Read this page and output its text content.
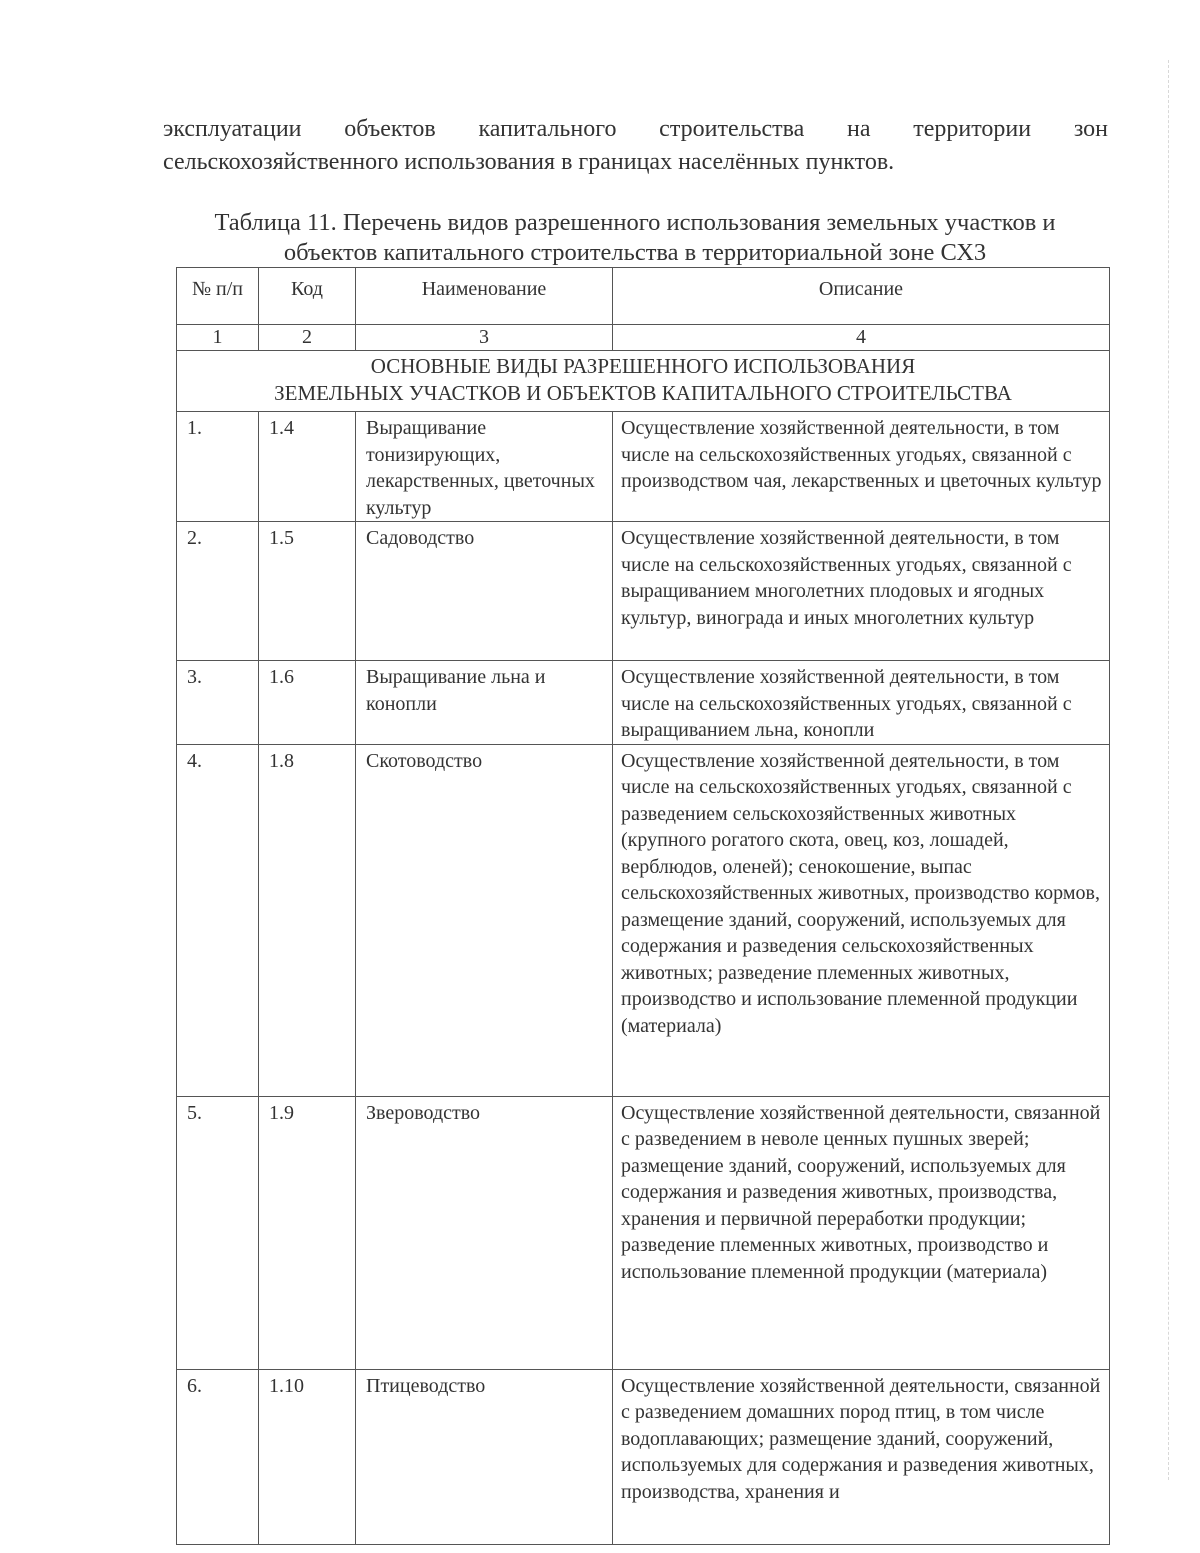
эксплуатации объектов капитального строительства на территории зон
сельскохозяйственного использования в границах населённых пунктов.
Таблица 11. Перечень видов разрешенного использования земельных участков и
объектов капитального строительства в территориальной зоне СХ3
№ п/п	Код	Наименование	Описание
1	2	3	4

ОСНОВНЫЕ ВИДЫ РАЗРЕШЕННОГО ИСПОЛЬЗОВАНИЯ
ЗЕМЕЛЬНЫХ УЧАСТКОВ И ОБЪЕКТОВ КАПИТАЛЬНОГО СТРОИТЕЛЬСТВА			

1.	1.4	Выращивание тонизирующих, лекарственных, цветочных культур	Осуществление хозяйственной деятельности, в том числе на сельскохозяйственных угодьях, связанной с производством чая, лекарственных и цветочных культур
2.	1.5	Садоводство	Осуществление хозяйственной деятельности, в том числе на сельскохозяйственных угодьях, связанной с выращиванием многолетних плодовых и ягодных культур, винограда и иных многолетних культур
3.	1.6	Выращивание льна и конопли	Осуществление хозяйственной деятельности, в том числе на сельскохозяйственных угодьях, связанной с выращиванием льна, конопли
4.	1.8	Скотоводство	Осуществление хозяйственной деятельности, в том числе на сельскохозяйственных угодьях, связанной с разведением сельскохозяйственных животных (крупного рогатого скота, овец, коз, лошадей, верблюдов, оленей); сенокошение, выпас сельскохозяйственных животных, производство кормов, размещение зданий, сооружений, используемых для содержания и разведения сельскохозяйственных животных; разведение племенных животных, производство и использование племенной продукции (материала)
5.	1.9	Звероводство	Осуществление хозяйственной деятельности, связанной с разведением в неволе ценных пушных зверей; размещение зданий, сооружений, используемых для содержания и разведения животных, производства, хранения и первичной переработки продукции; разведение племенных животных, производство и использование племенной продукции (материала)
6.	1.10	Птицеводство	Осуществление хозяйственной деятельности, связанной с разведением домашних пород птиц, в том числе водоплавающих; размещение зданий, сооружений, используемых для содержания и разведения животных, производства, хранения и
